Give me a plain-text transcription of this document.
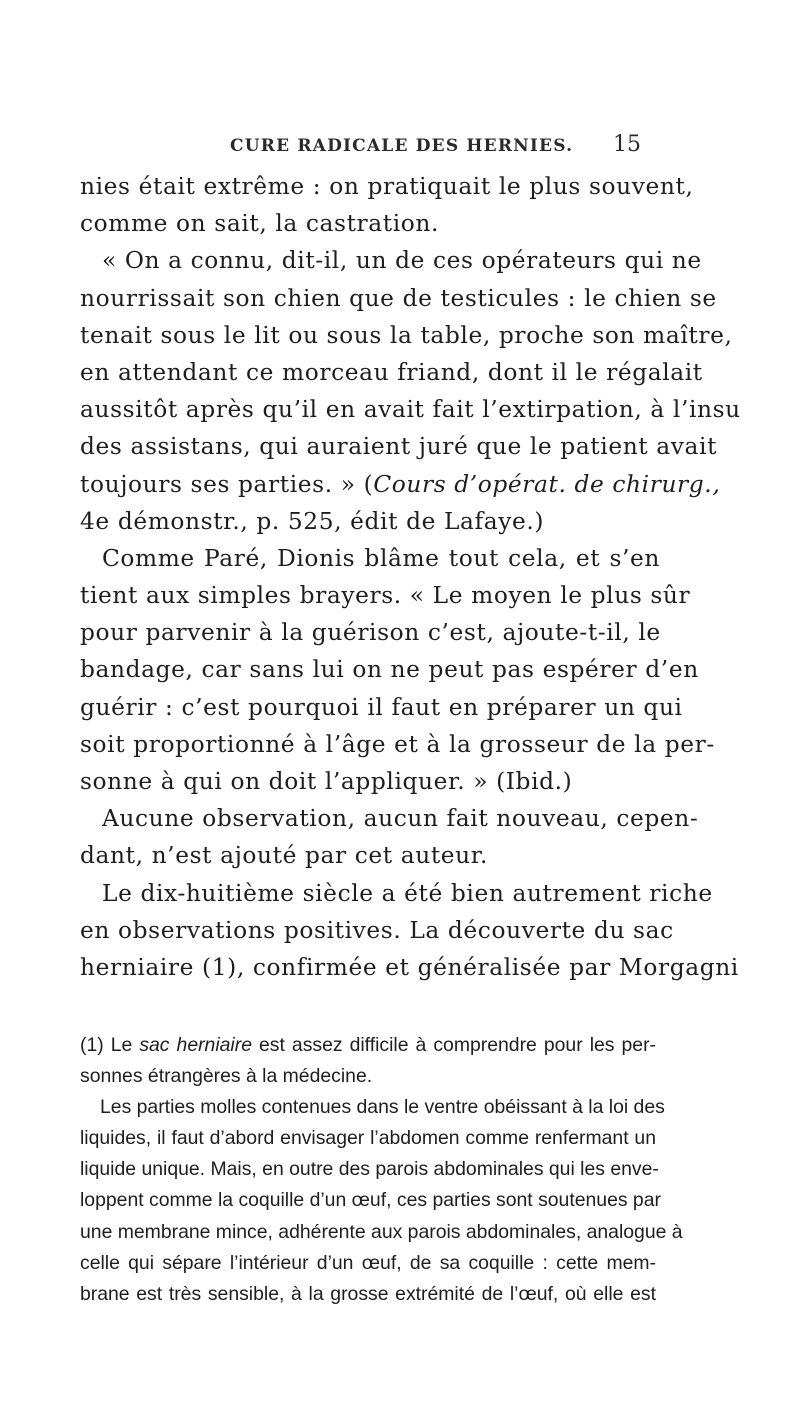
CURE RADICALE DES HERNIES. 15
nies était extrême : on pratiquait le plus souvent,
comme on sait, la castration.
« On a connu, dit-il, un de ces opérateurs qui ne
nourrissait son chien que de testicules : le chien se
tenait sous le lit ou sous la table, proche son maître,
en attendant ce morceau friand, dont il le régalait
aussitôt après qu’il en avait fait l’extirpation, à l’insu
des assistans, qui auraient juré que le patient avait
toujours ses parties. » (Cours d’opérat. de chirurg.,
4e démonstr., p. 525, édit de Lafaye.)
Comme Paré, Dionis blâme tout cela, et s’en
tient aux simples brayers. « Le moyen le plus sûr
pour parvenir à la guérison c’est, ajoute-t-il, le
bandage, car sans lui on ne peut pas espérer d’en
guérir : c’est pourquoi il faut en préparer un qui
soit proportionné à l’âge et à la grosseur de la per-
sonne à qui on doit l’appliquer. » (Ibid.)
Aucune observation, aucun fait nouveau, cepen-
dant, n’est ajouté par cet auteur.
Le dix-huitième siècle a été bien autrement riche
en observations positives. La découverte du sac
herniaire (1), confirmée et généralisée par Morgagni
(1) Le sac herniaire est assez difficile à comprendre pour les per-
sonnes étrangères à la médecine.
Les parties molles contenues dans le ventre obéissant à la loi des
liquides, il faut d’abord envisager l’abdomen comme renfermant un
liquide unique. Mais, en outre des parois abdominales qui les enve-
loppent comme la coquille d’un œuf, ces parties sont soutenues par
une membrane mince, adhérente aux parois abdominales, analogue à
celle qui sépare l’intérieur d’un œuf, de sa coquille : cette mem-
brane est très sensible, à la grosse extrémité de l’œuf, où elle est
